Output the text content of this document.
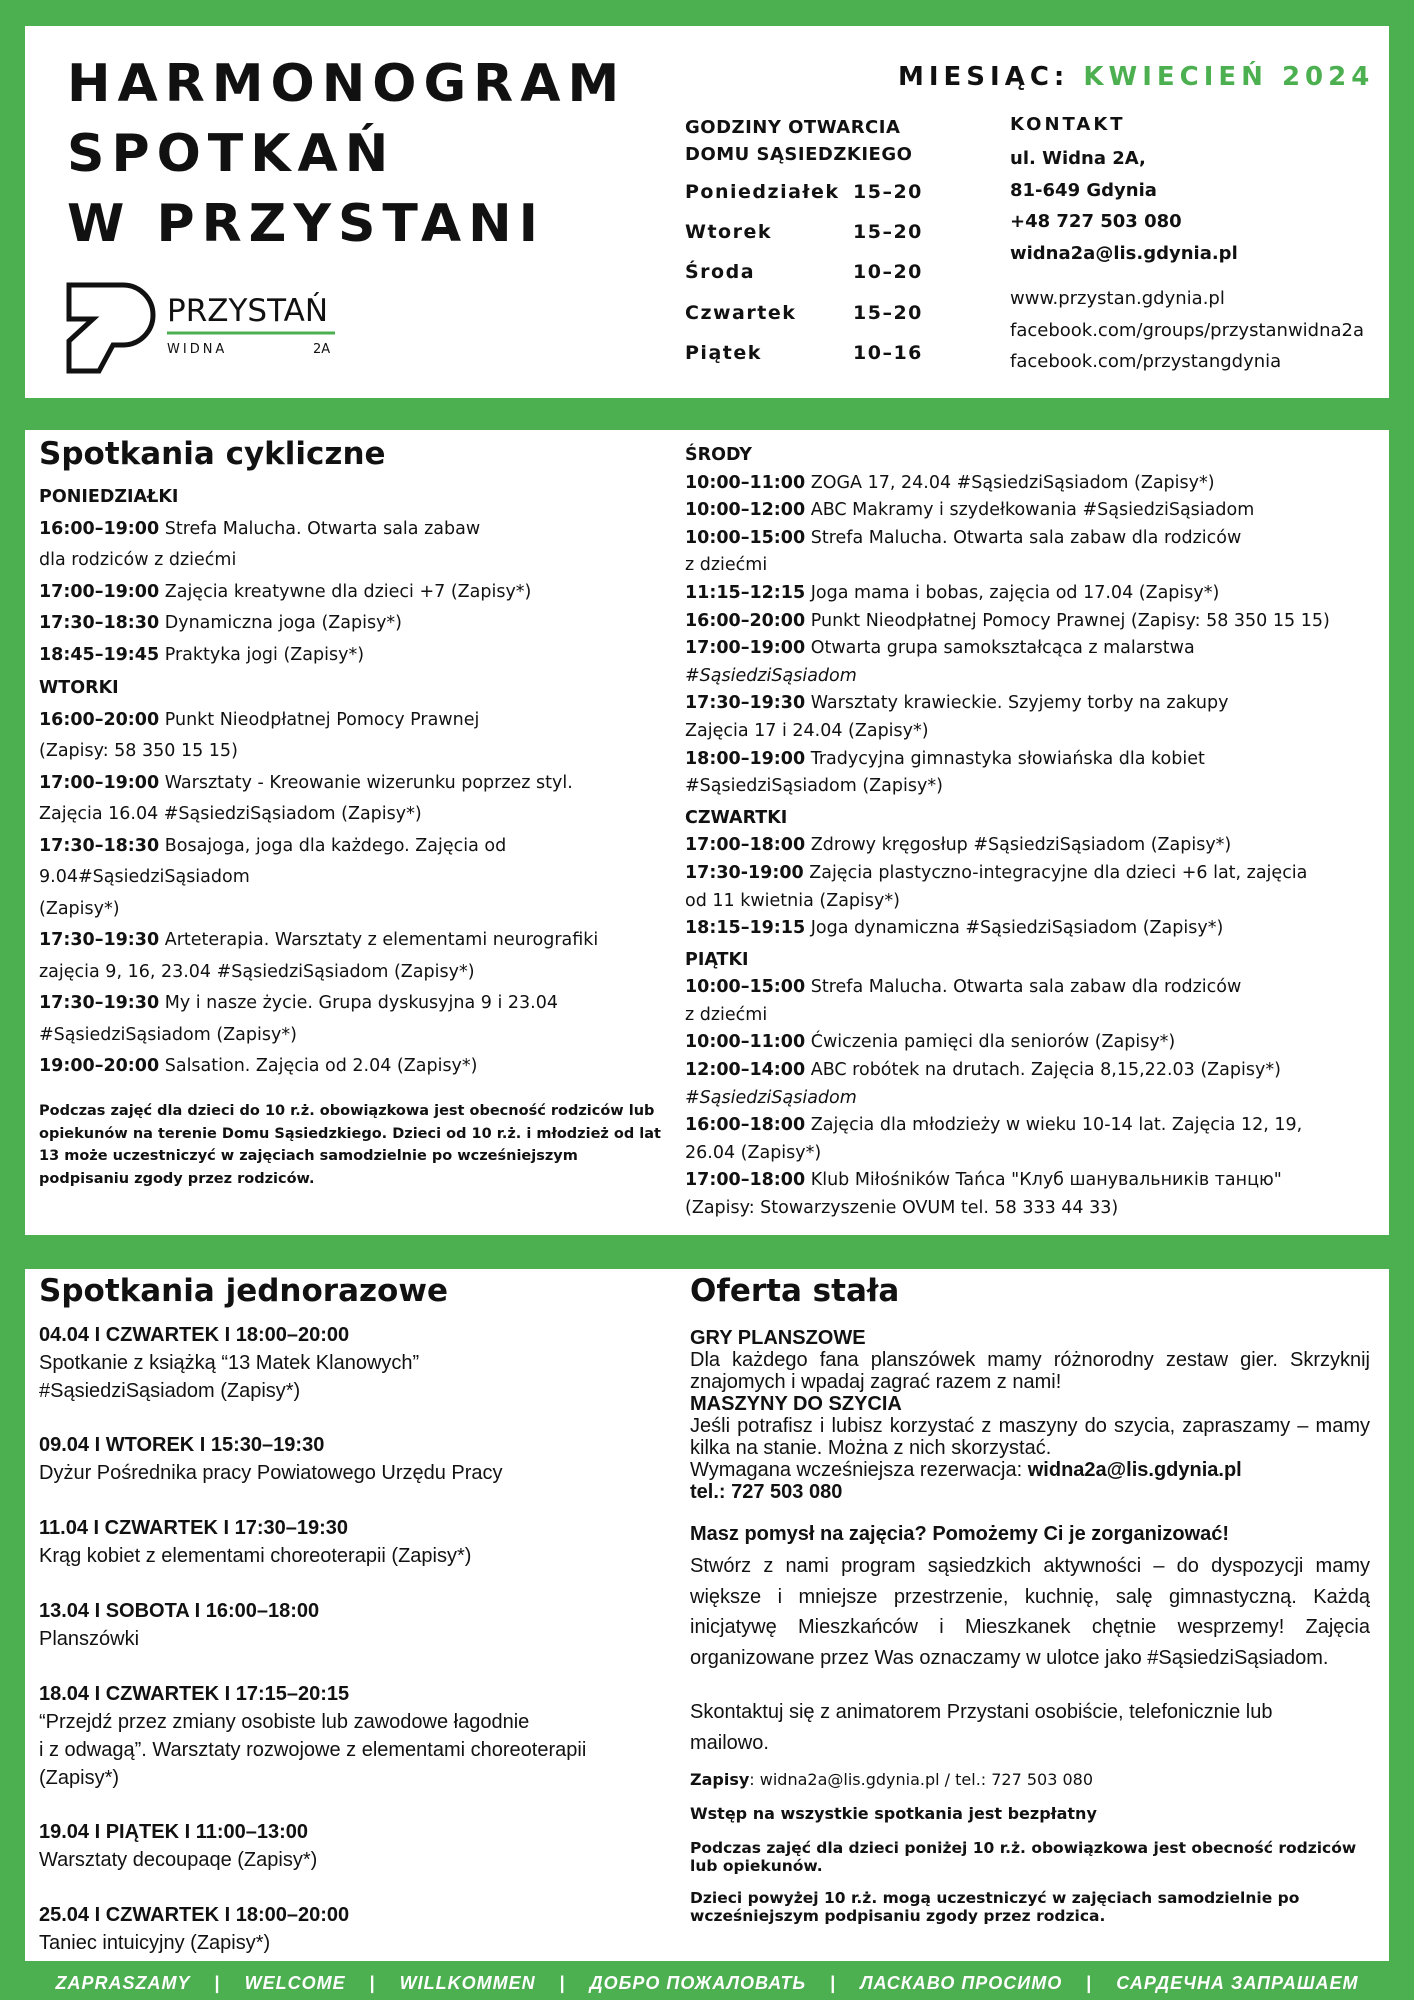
HARMONOGRAM
SPOTKAŃ
W PRZYSTANI
PRZYSTAŃ
WIDNA	2A
MIESIĄC: KWIECIEŃ 2024
GODZINY OTWARCIA
DOMU SĄSIEDZKIEGO
Poniedziałek 15–20
Wtorek	15–20
Środa	10–20
Czwartek	15–20
Piątek	10–16
KONTAKT
ul. Widna 2A,
81-649 Gdynia
+48 727 503 080
widna2a@lis.gdynia.pl
www.przystan.gdynia.pl
facebook.com/groups/przystanwidna2a
facebook.com/przystangdynia
Spotkania cykliczne

PONIEDZIAŁKI

16:00–19:00 Strefa Malucha. Otwarta sala zabaw

dla rodziców z dziećmi

17:00–19:00 Zajęcia kreatywne dla dzieci +7 (Zapisy*)

17:30–18:30 Dynamiczna joga (Zapisy*)

18:45–19:45 Praktyka jogi (Zapisy*)

WTORKI

16:00–20:00 Punkt Nieodpłatnej Pomocy Prawnej

(Zapisy: 58 350 15 15)

17:00–19:00 Warsztaty - Kreowanie wizerunku poprzez styl.

Zajęcia 16.04 #SąsiedziSąsiadom (Zapisy*)

17:30–18:30 Bosajoga, joga dla każdego. Zajęcia od

9.04#SąsiedziSąsiadom

(Zapisy*)

17:30–19:30 Arteterapia. Warsztaty z elementami neurografiki

zajęcia 9, 16, 23.04 #SąsiedziSąsiadom (Zapisy*)

17:30–19:30 My i nasze życie. Grupa dyskusyjna 9 i 23.04

#SąsiedziSąsiadom (Zapisy*)

19:00–20:00 Salsation. Zajęcia od 2.04 (Zapisy*)

Podczas zajęć dla dzieci do 10 r.ż. obowiązkowa jest obecność rodziców lub opiekunów na terenie Domu Sąsiedzkiego. Dzieci od 10 r.ż. i młodzież od lat 13 może uczestniczyć w zajęciach samodzielnie po wcześniejszym podpisaniu zgody przez rodziców.

ŚRODY

10:00–11:00 ZOGA 17, 24.04 #SąsiedziSąsiadom (Zapisy*)

10:00–12:00 ABC Makramy i szydełkowania #SąsiedziSąsiadom

10:00–15:00 Strefa Malucha. Otwarta sala zabaw dla rodziców

z dziećmi

11:15–12:15 Joga mama i bobas, zajęcia od 17.04 (Zapisy*)

16:00–20:00 Punkt Nieodpłatnej Pomocy Prawnej (Zapisy: 58 350 15 15)

17:00–19:00 Otwarta grupa samokształcąca z malarstwa

#SąsiedziSąsiadom

17:30–19:30 Warsztaty krawieckie. Szyjemy torby na zakupy

Zajęcia 17 i 24.04 (Zapisy*)

18:00–19:00 Tradycyjna gimnastyka słowiańska dla kobiet

#SąsiedziSąsiadom (Zapisy*)

CZWARTKI

17:00–18:00 Zdrowy kręgosłup #SąsiedziSąsiadom (Zapisy*)

17:30-19:00 Zajęcia plastyczno-integracyjne dla dzieci +6 lat, zajęcia

od 11 kwietnia (Zapisy*)

18:15–19:15 Joga dynamiczna #SąsiedziSąsiadom (Zapisy*)

PIĄTKI

10:00–15:00 Strefa Malucha. Otwarta sala zabaw dla rodziców

z dziećmi

10:00–11:00 Ćwiczenia pamięci dla seniorów (Zapisy*)

12:00–14:00 ABC robótek na drutach. Zajęcia 8,15,22.03 (Zapisy*)

#SąsiedziSąsiadom

16:00–18:00 Zajęcia dla młodzieży w wieku 10-14 lat. Zajęcia 12, 19,

26.04 (Zapisy*)

17:00–18:00 Klub Miłośników Tańca "Клуб шанувальників танцю"

(Zapisy: Stowarzyszenie OVUM tel. 58 333 44 33)

Spotkania jednorazowe
04.04 I CZWARTEK I 18:00–20:00
Spotkanie z książką “13 Matek Klanowych”
#SąsiedziSąsiadom (Zapisy*)
09.04 I WTOREK I 15:30–19:30
Dyżur Pośrednika pracy Powiatowego Urzędu Pracy
11.04 I CZWARTEK I 17:30–19:30
Krąg kobiet z elementami choreoterapii (Zapisy*)
13.04 I SOBOTA I 16:00–18:00
Planszówki
18.04 I CZWARTEK I 17:15–20:15
“Przejdź przez zmiany osobiste lub zawodowe łagodnie
i z odwagą”. Warsztaty rozwojowe z elementami choreoterapii
(Zapisy*)
19.04 I PIĄTEK I 11:00–13:00
Warsztaty decoupaqe (Zapisy*)
25.04 I CZWARTEK I 18:00–20:00
Taniec intuicyjny (Zapisy*)
Oferta stała
GRY PLANSZOWE
Dla każdego fana planszówek mamy różnorodny zestaw gier. Skrzyknij znajomych i wpadaj zagrać razem z nami!
MASZYNY DO SZYCIA
Jeśli potrafisz i lubisz korzystać z maszyny do szycia, zapraszamy – mamy kilka na stanie. Można z nich skorzystać.
Wymagana wcześniejsza rezerwacja: widna2a@lis.gdynia.pl
tel.: 727 503 080
Masz pomysł na zajęcia? Pomożemy Ci je zorganizować!
Stwórz z nami program sąsiedzkich aktywności – do dyspozycji mamy większe i mniejsze przestrzenie, kuchnię, salę gimnastyczną. Każdą inicjatywę Mieszkańców i Mieszkanek chętnie wesprzemy! Zajęcia organizowane przez Was oznaczamy w ulotce jako #SąsiedziSąsiadom.
Skontaktuj się z animatorem Przystani osobiście, telefonicznie lub mailowo.
Zapisy: widna2a@lis.gdynia.pl / tel.: 727 503 080
Wstęp na wszystkie spotkania jest bezpłatny
Podczas zajęć dla dzieci poniżej 10 r.ż. obowiązkowa jest obecność rodziców lub opiekunów.
Dzieci powyżej 10 r.ż. mogą uczestniczyć w zajęciach samodzielnie po wcześniejszym podpisaniu zgody przez rodzica.
ZAPRASZAMY	|	WELCOME	|	WILLKOMMEN	|	ДОБРО ПОЖАЛОВАТЬ	|	ЛАСКАВО ПРОСИМО	|	САРДЕЧНА ЗАПРАШАЕМ
